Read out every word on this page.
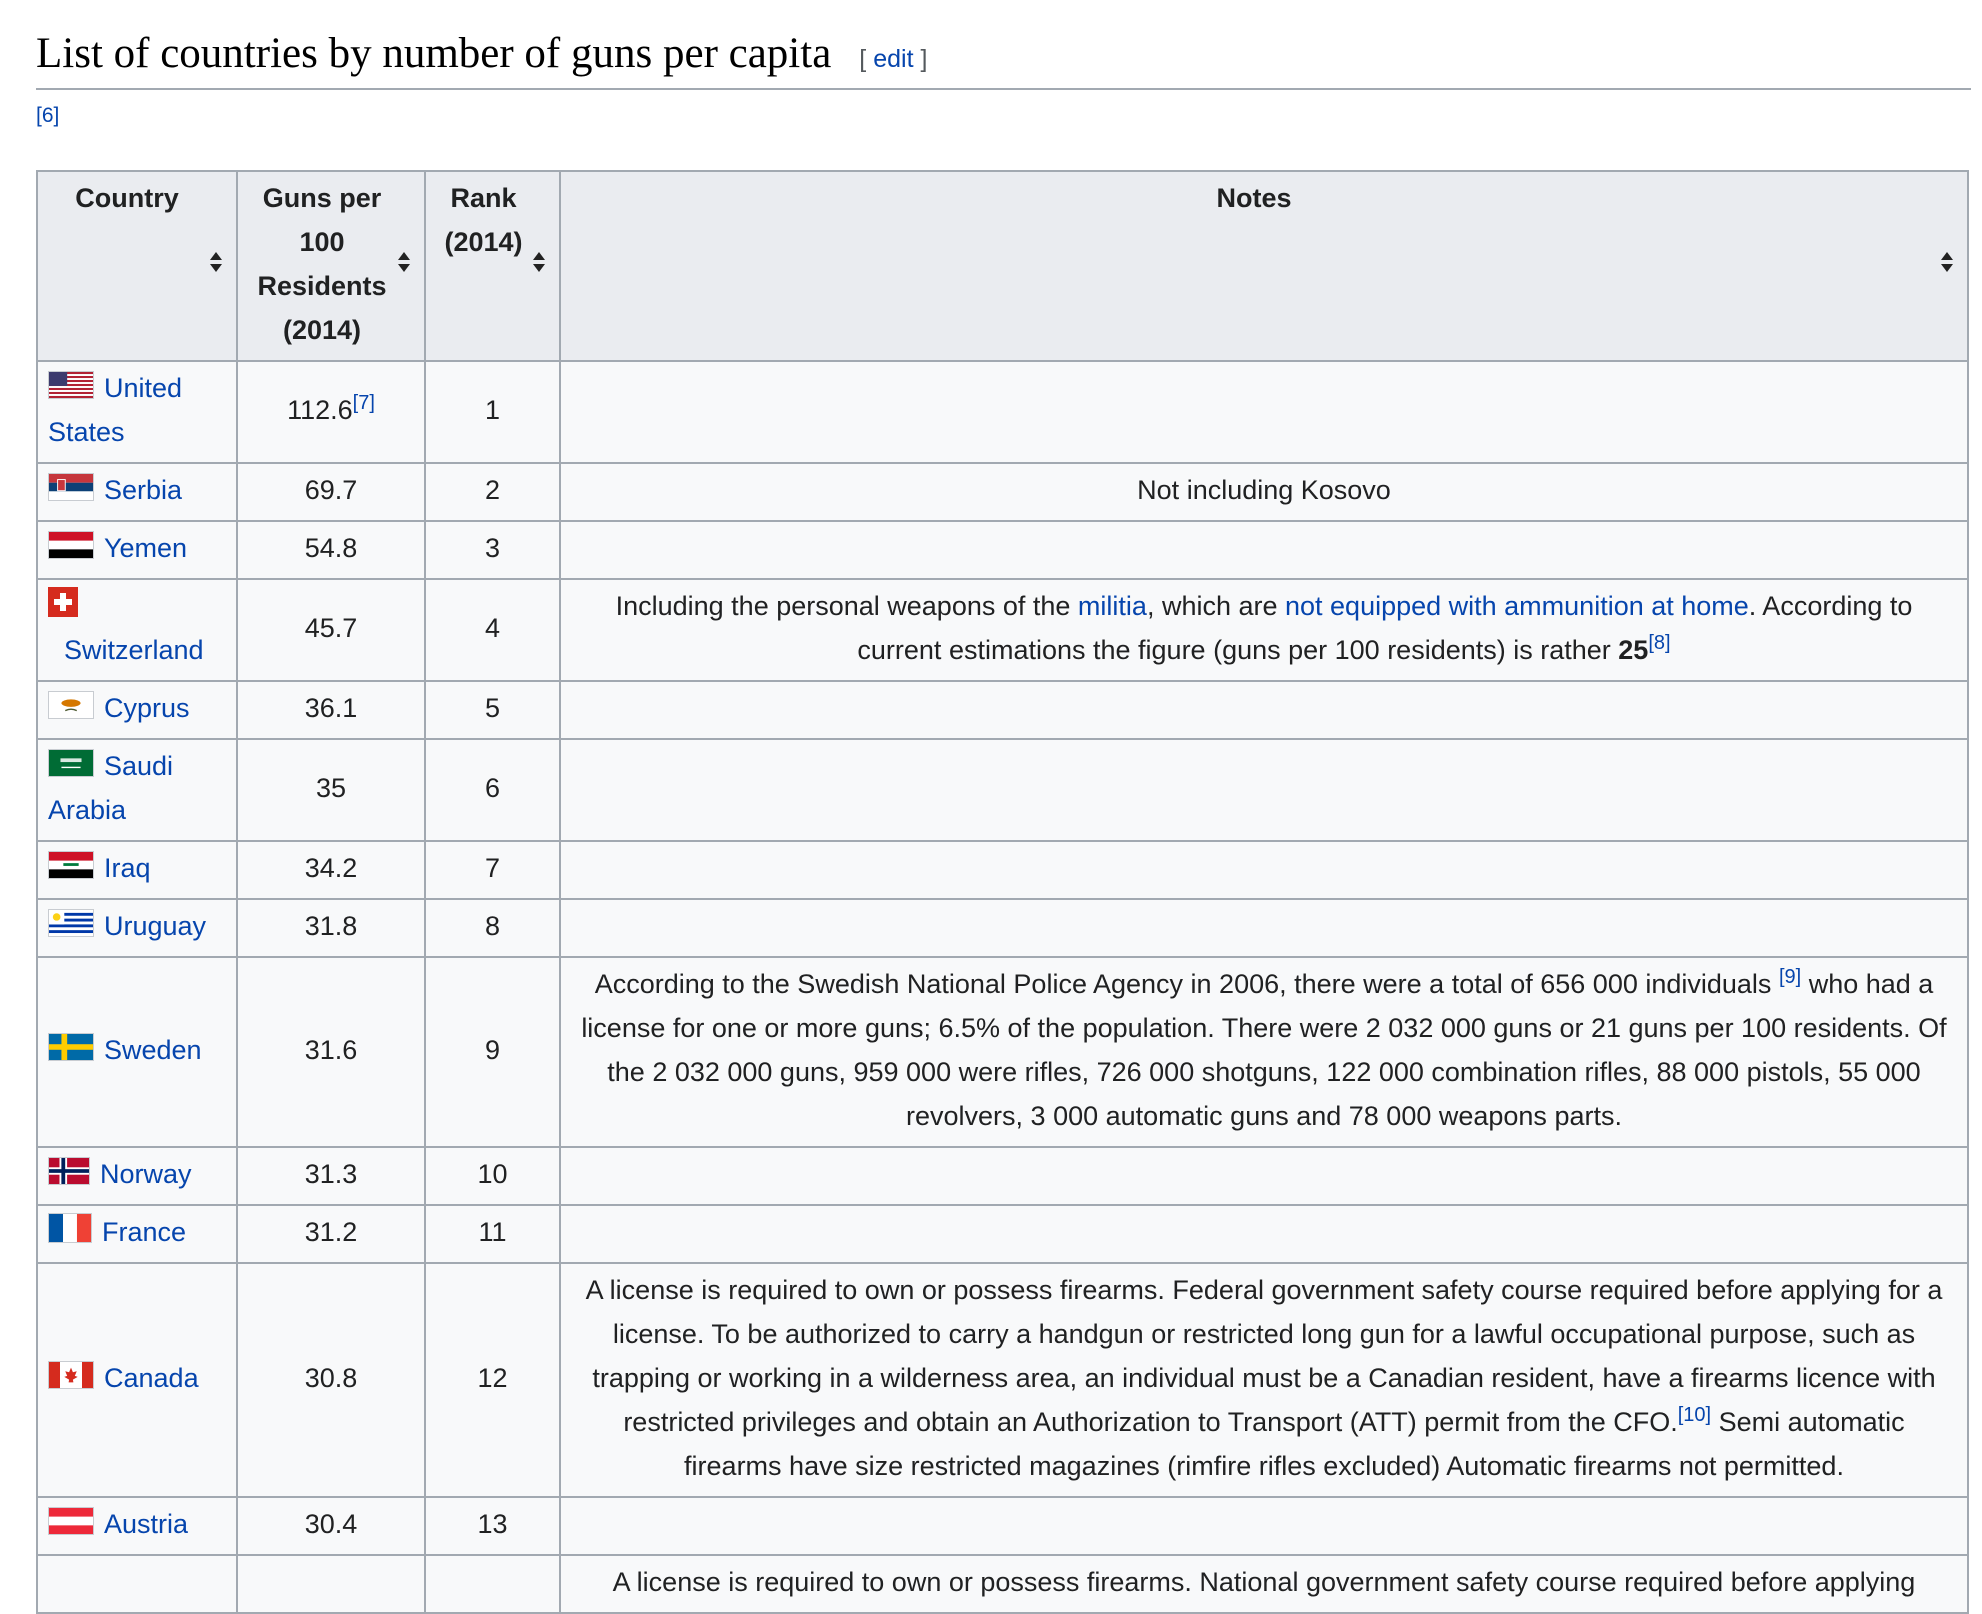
List of countries by number of guns per capita [ edit ]
[6]
Country	Guns per 100 Residents (2014)	Rank (2014)	Notes

United States	112.6[7]	1	

Serbia	69.7	2	Not including Kosovo

Yemen	54.8	3	

Switzerland	45.7	4	Including the personal weapons of the militia, which are not equipped with ammunition at home. According to current estimations the figure (guns per 100 residents) is rather 25[8]

Cyprus	36.1	5	

Saudi Arabia	35	6	

Iraq	34.2	7	

Uruguay	31.8	8	

Sweden	31.6	9	According to the Swedish National Police Agency in 2006, there were a total of 656 000 individuals [9] who had a license for one or more guns; 6.5% of the population. There were 2 032 000 guns or 21 guns per 100 residents. Of the 2 032 000 guns, 959 000 were rifles, 726 000 shotguns, 122 000 combination rifles, 88 000 pistols, 55 000 revolvers, 3 000 automatic guns and 78 000 weapons parts.

Norway	31.3	10	

France	31.2	11	

Canada	30.8	12	A license is required to own or possess firearms. Federal government safety course required before applying for a license. To be authorized to carry a handgun or restricted long gun for a lawful occupational purpose, such as trapping or working in a wilderness area, an individual must be a Canadian resident, have a firearms licence with restricted privileges and obtain an Authorization to Transport (ATT) permit from the CFO.[10] Semi automatic firearms have size restricted magazines (rimfire rifles excluded) Automatic firearms not permitted.

Austria	30.4	13	
			A license is required to own or possess firearms. National government safety course required before applying
